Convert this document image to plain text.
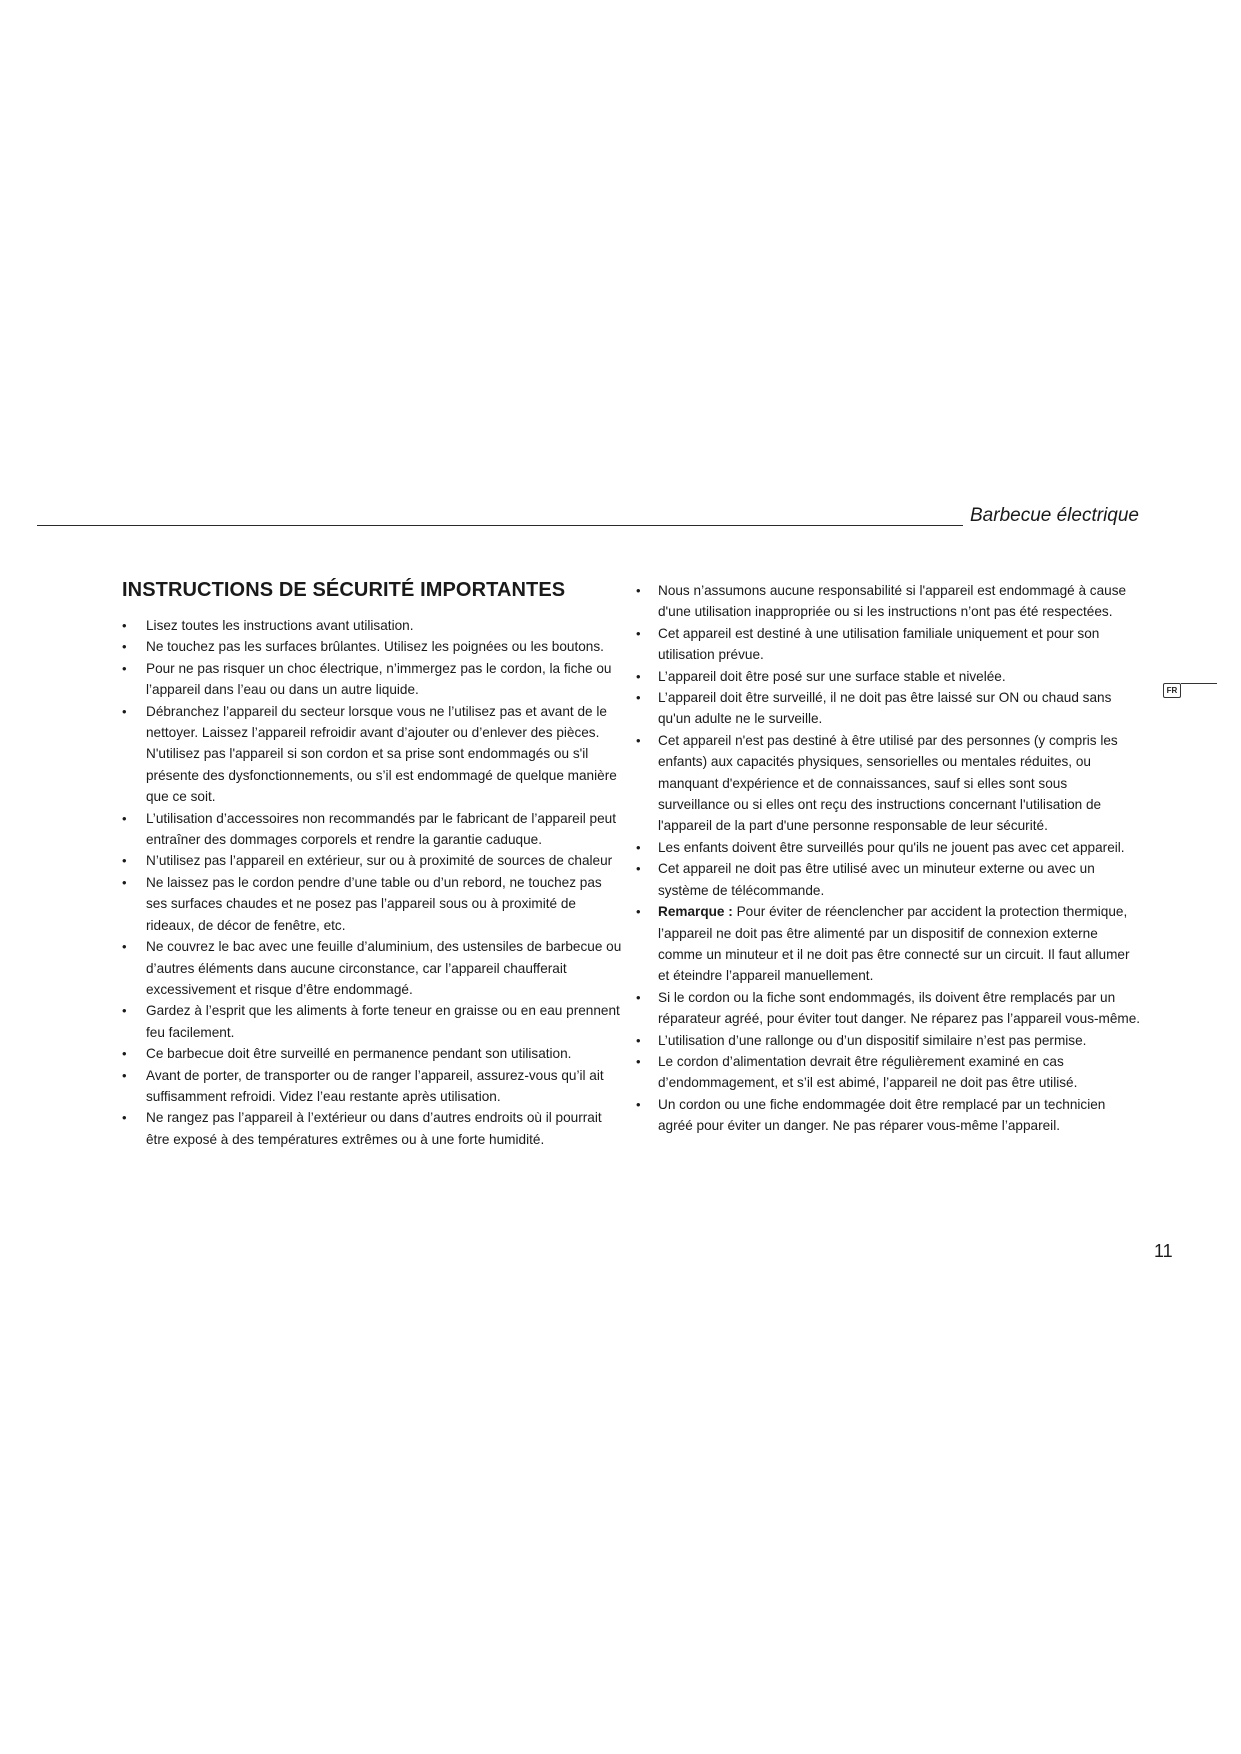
Barbecue électrique
FR
INSTRUCTIONS DE SÉCURITÉ IMPORTANTES
•	Lisez toutes les instructions avant utilisation.
•	Ne touchez pas les surfaces brûlantes. Utilisez les poignées ou les boutons.
•	Pour ne pas risquer un choc électrique, n’immergez pas le cordon, la fiche ou l’appareil dans l’eau ou dans un autre liquide.
•	Débranchez l’appareil du secteur lorsque vous ne l’utilisez pas et avant de le nettoyer. Laissez l’appareil refroidir avant d’ajouter ou d’enlever des pièces. N'utilisez pas l'appareil si son cordon et sa prise sont endommagés ou s'il présente des dysfonctionnements, ou s’il est endommagé de quelque manière que ce soit.
•	L’utilisation d’accessoires non recommandés par le fabricant de l’appareil peut entraîner des dommages corporels et rendre la garantie caduque.
•	N’utilisez pas l’appareil en extérieur, sur ou à proximité de sources de chaleur
•	Ne laissez pas le cordon pendre d’une table ou d’un rebord, ne touchez pas ses surfaces chaudes et ne posez pas l’appareil sous ou à proximité de rideaux, de décor de fenêtre, etc.
•	Ne couvrez le bac avec une feuille d’aluminium, des ustensiles de barbecue ou d’autres éléments dans aucune circonstance, car l’appareil chaufferait excessivement et risque d’être endommagé.
•	Gardez à l’esprit que les aliments à forte teneur en graisse ou en eau prennent feu facilement.
•	Ce barbecue doit être surveillé en permanence pendant son utilisation.
•	Avant de porter, de transporter ou de ranger l’appareil, assurez-vous qu’il ait suffisamment refroidi. Videz l’eau restante après utilisation.
•	Ne rangez pas l’appareil à l’extérieur ou dans d’autres endroits où il pourrait être exposé à des températures extrêmes ou à une forte humidité.
•	Nous n’assumons aucune responsabilité si l'appareil est endommagé à cause d'une utilisation inappropriée ou si les instructions n’ont pas été respectées.
•	Cet appareil est destiné à une utilisation familiale uniquement et pour son utilisation prévue.
•	L’appareil doit être posé sur une surface stable et nivelée.
•	L’appareil doit être surveillé, il ne doit pas être laissé sur ON ou chaud sans qu'un adulte ne le surveille.
•	Cet appareil n'est pas destiné à être utilisé par des personnes (y compris les enfants) aux capacités physiques, sensorielles ou mentales réduites, ou manquant d'expérience et de connaissances, sauf si elles sont sous surveillance ou si elles ont reçu des instructions concernant l'utilisation de l'appareil de la part d'une personne responsable de leur sécurité.
•	Les enfants doivent être surveillés pour qu'ils ne jouent pas avec cet appareil.
•	Cet appareil ne doit pas être utilisé avec un minuteur externe ou avec un système de télécommande.
•	Remarque : Pour éviter de réenclencher par accident la protection thermique, l’appareil ne doit pas être alimenté par un dispositif de connexion externe comme un minuteur et il ne doit pas être connecté sur un circuit. Il faut allumer et éteindre l’appareil manuellement.
•	Si le cordon ou la fiche sont endommagés, ils doivent être remplacés par un réparateur agréé, pour éviter tout danger. Ne réparez pas l’appareil vous-même.
•	L’utilisation d’une rallonge ou d’un dispositif similaire n’est pas permise.
•	Le cordon d’alimentation devrait être régulièrement examiné en cas d’endommagement, et s’il est abimé, l’appareil ne doit pas être utilisé.
•	Un cordon ou une fiche endommagée doit être remplacé par un technicien agréé pour éviter un danger. Ne pas réparer vous-même l’appareil.
11
